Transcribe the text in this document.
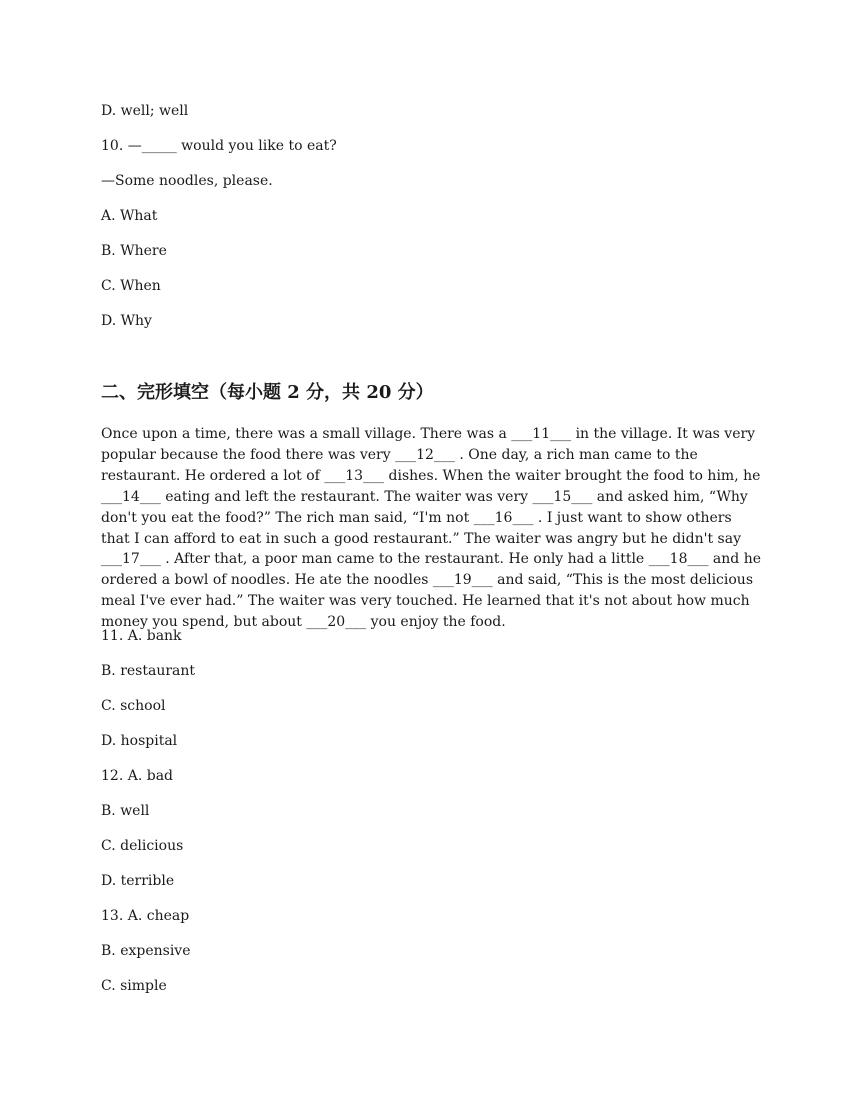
D. well; well
10. —_____ would you like to eat?
—Some noodles, please.
A. What
B. Where
C. When
D. Why
二、完形填空（每小题 2 分，共 20 分）
Once upon a time, there was a small village. There was a ___11___ in the village. It was very popular because the food there was very ___12___ . One day, a rich man came to the restaurant. He ordered a lot of ___13___ dishes. When the waiter brought the food to him, he ___14___ eating and left the restaurant. The waiter was very ___15___ and asked him, “Why don't you eat the food?” The rich man said, “I'm not ___16___ . I just want to show others that I can afford to eat in such a good restaurant.” The waiter was angry but he didn't say ___17___ . After that, a poor man came to the restaurant. He only had a little ___18___ and he ordered a bowl of noodles. He ate the noodles ___19___ and said, “This is the most delicious meal I've ever had.” The waiter was very touched. He learned that it's not about how much money you spend, but about ___20___ you enjoy the food.
11. A. bank
B. restaurant
C. school
D. hospital
12. A. bad
B. well
C. delicious
D. terrible
13. A. cheap
B. expensive
C. simple
